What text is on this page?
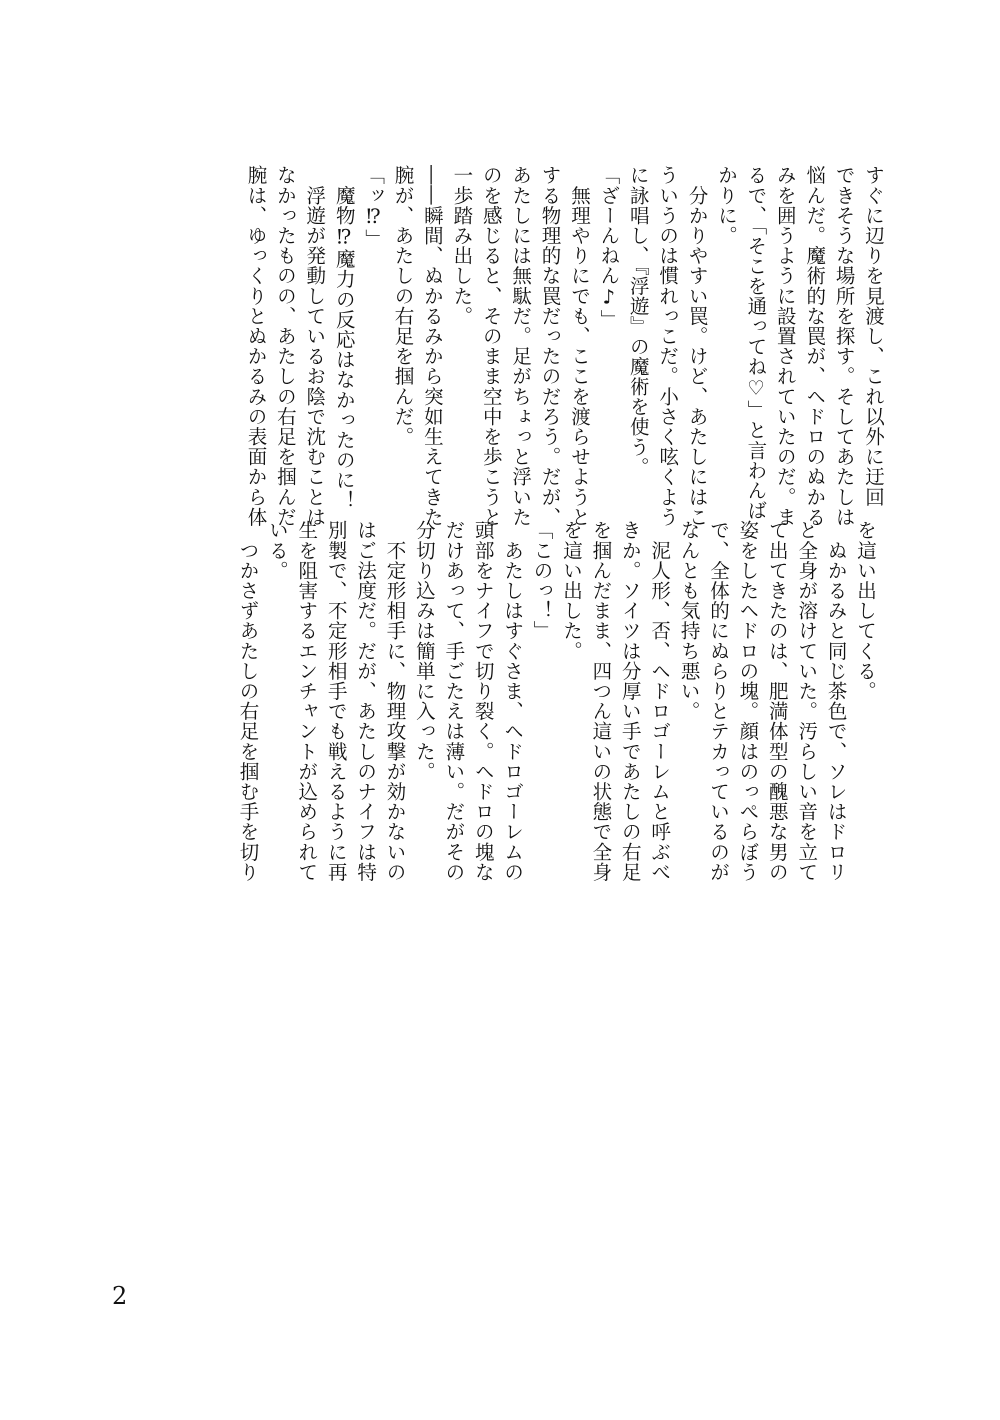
すぐに辺りを見渡し、これ以外に迂回
できそうな場所を探す。そしてあたしは
悩んだ。魔術的な罠が、ヘドロのぬかる
みを囲うように設置されていたのだ。ま
るで、「そこを通ってね♡」と言わんば
かりに。
　分かりやすい罠。けど、あたしにはこ
ういうのは慣れっこだ。小さく呟くよう
に詠唱し、『浮遊』の魔術を使う。
「ざーんねん♪」
　無理やりにでも、ここを渡らせようと
する物理的な罠だったのだろう。だが、
あたしには無駄だ。足がちょっと浮いた
のを感じると、そのまま空中を歩こうと
一歩踏み出した。
――瞬間、ぬかるみから突如生えてきた
腕が、あたしの右足を掴んだ。
「ッ⁉」
　魔物⁉魔力の反応はなかったのに！
　浮遊が発動しているお陰で沈むことは
なかったものの、あたしの右足を掴んだ
腕は、ゆっくりとぬかるみの表面から体
を這い出してくる。
　ぬかるみと同じ茶色で、ソレはドロリ
と全身が溶けていた。汚らしい音を立て
て出てきたのは、肥満体型の醜悪な男の
姿をしたヘドロの塊。顔はのっぺらぼう
で、全体的にぬらりとテカっているのが
なんとも気持ち悪い。
　泥人形、否、ヘドロゴーレムと呼ぶべ
きか。ソイツは分厚い手であたしの右足
を掴んだまま、四つん這いの状態で全身
を這い出した。
「このっ！」
　あたしはすぐさま、ヘドロゴーレムの
頭部をナイフで切り裂く。ヘドロの塊な
だけあって、手ごたえは薄い。だがその
分切り込みは簡単に入った。
　不定形相手に、物理攻撃が効かないの
はご法度だ。だが、あたしのナイフは特
別製で、不定形相手でも戦えるように再
生を阻害するエンチャントが込められて
いる。
　つかさずあたしの右足を掴む手を切り
2
